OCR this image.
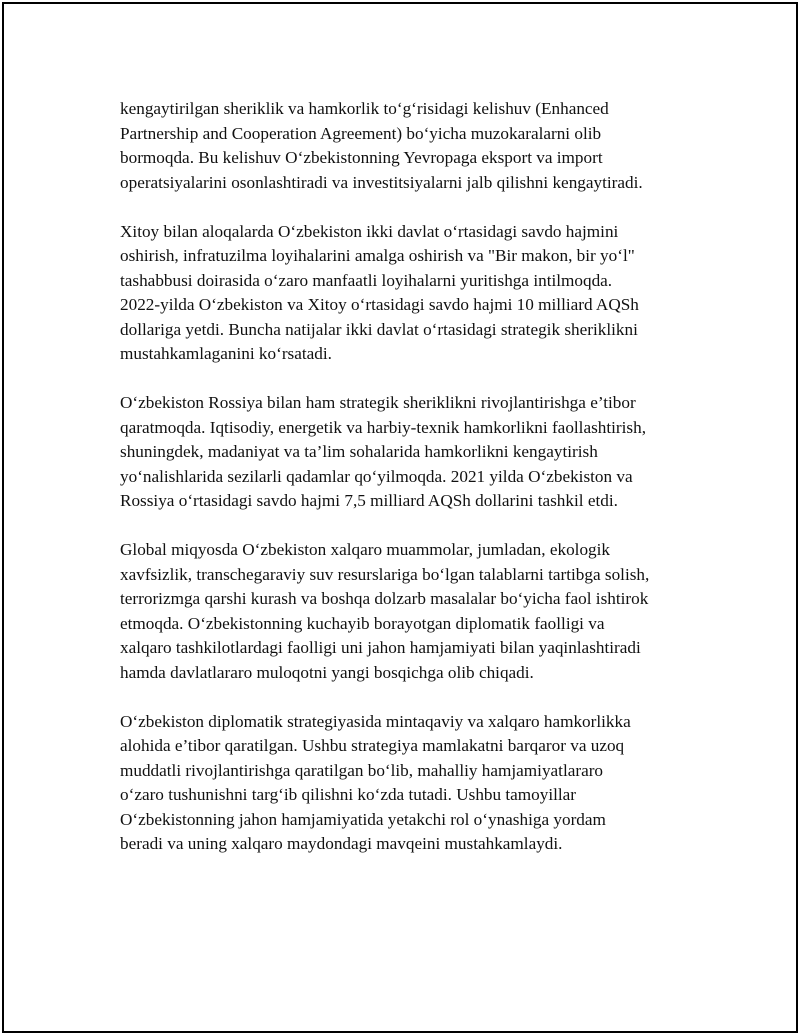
kengaytirilgan sheriklik va hamkorlik to‘g‘risidagi kelishuv (Enhanced
Partnership and Cooperation Agreement) bo‘yicha muzokaralarni olib
bormoqda. Bu kelishuv O‘zbekistonning Yevropaga eksport va import
operatsiyalarini osonlashtiradi va investitsiyalarni jalb qilishni kengaytiradi.

Xitoy bilan aloqalarda O‘zbekiston ikki davlat o‘rtasidagi savdo hajmini
oshirish, infratuzilma loyihalarini amalga oshirish va "Bir makon, bir yo‘l"
tashabbusi doirasida o‘zaro manfaatli loyihalarni yuritishga intilmoqda.
2022-yilda O‘zbekiston va Xitoy o‘rtasidagi savdo hajmi 10 milliard AQSh
dollariga yetdi. Buncha natijalar ikki davlat o‘rtasidagi strategik sheriklikni
mustahkamlaganini ko‘rsatadi.

O‘zbekiston Rossiya bilan ham strategik sheriklikni rivojlantirishga e’tibor
qaratmoqda. Iqtisodiy, energetik va harbiy-texnik hamkorlikni faollashtirish,
shuningdek, madaniyat va ta’lim sohalarida hamkorlikni kengaytirish
yo‘nalishlarida sezilarli qadamlar qo‘yilmoqda. 2021 yilda O‘zbekiston va
Rossiya o‘rtasidagi savdo hajmi 7,5 milliard AQSh dollarini tashkil etdi.

Global miqyosda O‘zbekiston xalqaro muammolar, jumladan, ekologik
xavfsizlik, transchegaraviy suv resurslariga bo‘lgan talablarni tartibga solish,
terrorizmga qarshi kurash va boshqa dolzarb masalalar bo‘yicha faol ishtirok
etmoqda. O‘zbekistonning kuchayib borayotgan diplomatik faolligi va
xalqaro tashkilotlardagi faolligi uni jahon hamjamiyati bilan yaqinlashtiradi
hamda davlatlararo muloqotni yangi bosqichga olib chiqadi.

O‘zbekiston diplomatik strategiyasida mintaqaviy va xalqaro hamkorlikka
alohida e’tibor qaratilgan. Ushbu strategiya mamlakatni barqaror va uzoq
muddatli rivojlantirishga qaratilgan bo‘lib, mahalliy hamjamiyatlararo
o‘zaro tushunishni targ‘ib qilishni ko‘zda tutadi. Ushbu tamoyillar
O‘zbekistonning jahon hamjamiyatida yetakchi rol o‘ynashiga yordam
beradi va uning xalqaro maydondagi mavqeini mustahkamlaydi.
